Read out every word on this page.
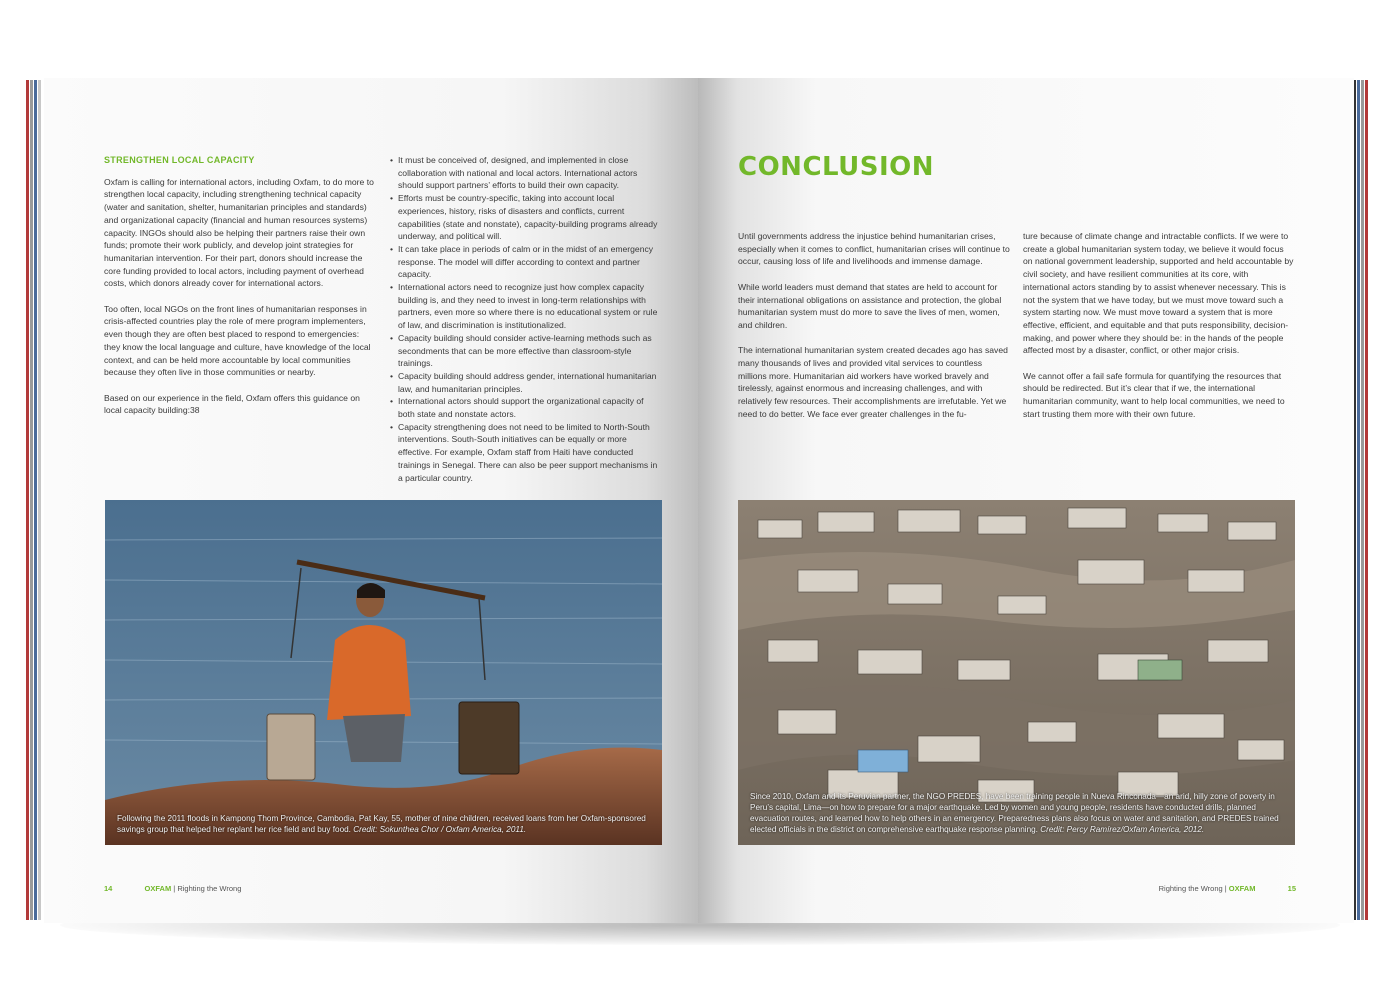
STRENGTHEN LOCAL CAPACITY

Oxfam is calling for international actors, including Oxfam, to do more to strengthen local capacity, including strengthening technical capacity (water and sanitation, shelter, humanitarian principles and standards) and organizational capacity (financial and human resources systems) capacity. INGOs should also be helping their partners raise their own funds; promote their work publicly, and develop joint strategies for humanitarian intervention. For their part, donors should increase the core funding provided to local actors, including payment of overhead costs, which donors already cover for international actors.

Too often, local NGOs on the front lines of humanitarian responses in crisis-affected countries play the role of mere program implementers, even though they are often best placed to respond to emergencies: they know the local language and culture, have knowledge of the local context, and can be held more accountable by local communities because they often live in those communities or nearby.

Based on our experience in the field, Oxfam offers this guidance on local capacity building:38

• It must be conceived of, designed, and implemented in close collaboration with national and local actors. International actors should support partners’ efforts to build their own capacity.
• Efforts must be country-specific, taking into account local experiences, history, risks of disasters and conflicts, current capabilities (state and nonstate), capacity-building programs already underway, and political will.
• It can take place in periods of calm or in the midst of an emergency response. The model will differ according to context and partner capacity.
• International actors need to recognize just how complex capacity building is, and they need to invest in long-term relationships with partners, even more so where there is no educational system or rule of law, and discrimination is institutionalized.
• Capacity building should consider active-learning methods such as secondments that can be more effective than classroom-style trainings.
• Capacity building should address gender, international humanitarian law, and humanitarian principles.
• International actors should support the organizational capacity of both state and nonstate actors.
• Capacity strengthening does not need to be limited to North-South interventions. South-South initiatives can be equally or more effective. For example, Oxfam staff from Haiti have conducted trainings in Senegal. There can also be peer support mechanisms in a particular country.
Following the 2011 floods in Kampong Thom Province, Cambodia, Pat Kay, 55, mother of nine children, received loans from her Oxfam-sponsored savings group that helped her replant her rice field and buy food. Credit: Sokunthea Chor / Oxfam America, 2011.
14	OXFAM | Righting the Wrong
CONCLUSION

Until governments address the injustice behind humanitarian crises, especially when it comes to conflict, humanitarian crises will continue to occur, causing loss of life and livelihoods and immense damage.

While world leaders must demand that states are held to account for their international obligations on assistance and protection, the global humanitarian system must do more to save the lives of men, women, and children.

The international humanitarian system created decades ago has saved many thousands of lives and provided vital services to countless millions more. Humanitarian aid workers have worked bravely and tirelessly, against enormous and increasing challenges, and with relatively few resources. Their accomplishments are irrefutable. Yet we need to do better. We face ever greater challenges in the fu-

ture because of climate change and intractable conflicts. If we were to create a global humanitarian system today, we believe it would focus on national government leadership, supported and held accountable by civil society, and have resilient communities at its core, with international actors standing by to assist whenever necessary. This is not the system that we have today, but we must move toward such a system starting now. We must move toward a system that is more effective, efficient, and equitable and that puts responsibility, decision-making, and power where they should be: in the hands of the people affected most by a disaster, conflict, or other major crisis.

We cannot offer a fail safe formula for quantifying the resources that should be redirected. But it’s clear that if we, the international humanitarian community, want to help local communities, we need to start trusting them more with their own future.

Since 2010, Oxfam and its Peruvian partner, the NGO PREDES, have been training people in Nueva Rinconada—an arid, hilly zone of poverty in Peru’s capital, Lima—on how to prepare for a major earthquake. Led by women and young people, residents have conducted drills, planned evacuation routes, and learned how to help others in an emergency. Preparedness plans also focus on water and sanitation, and PREDES trained elected officials in the district on comprehensive earthquake response planning. Credit: Percy Ramírez/Oxfam America, 2012.
Righting the Wrong | OXFAM	15
